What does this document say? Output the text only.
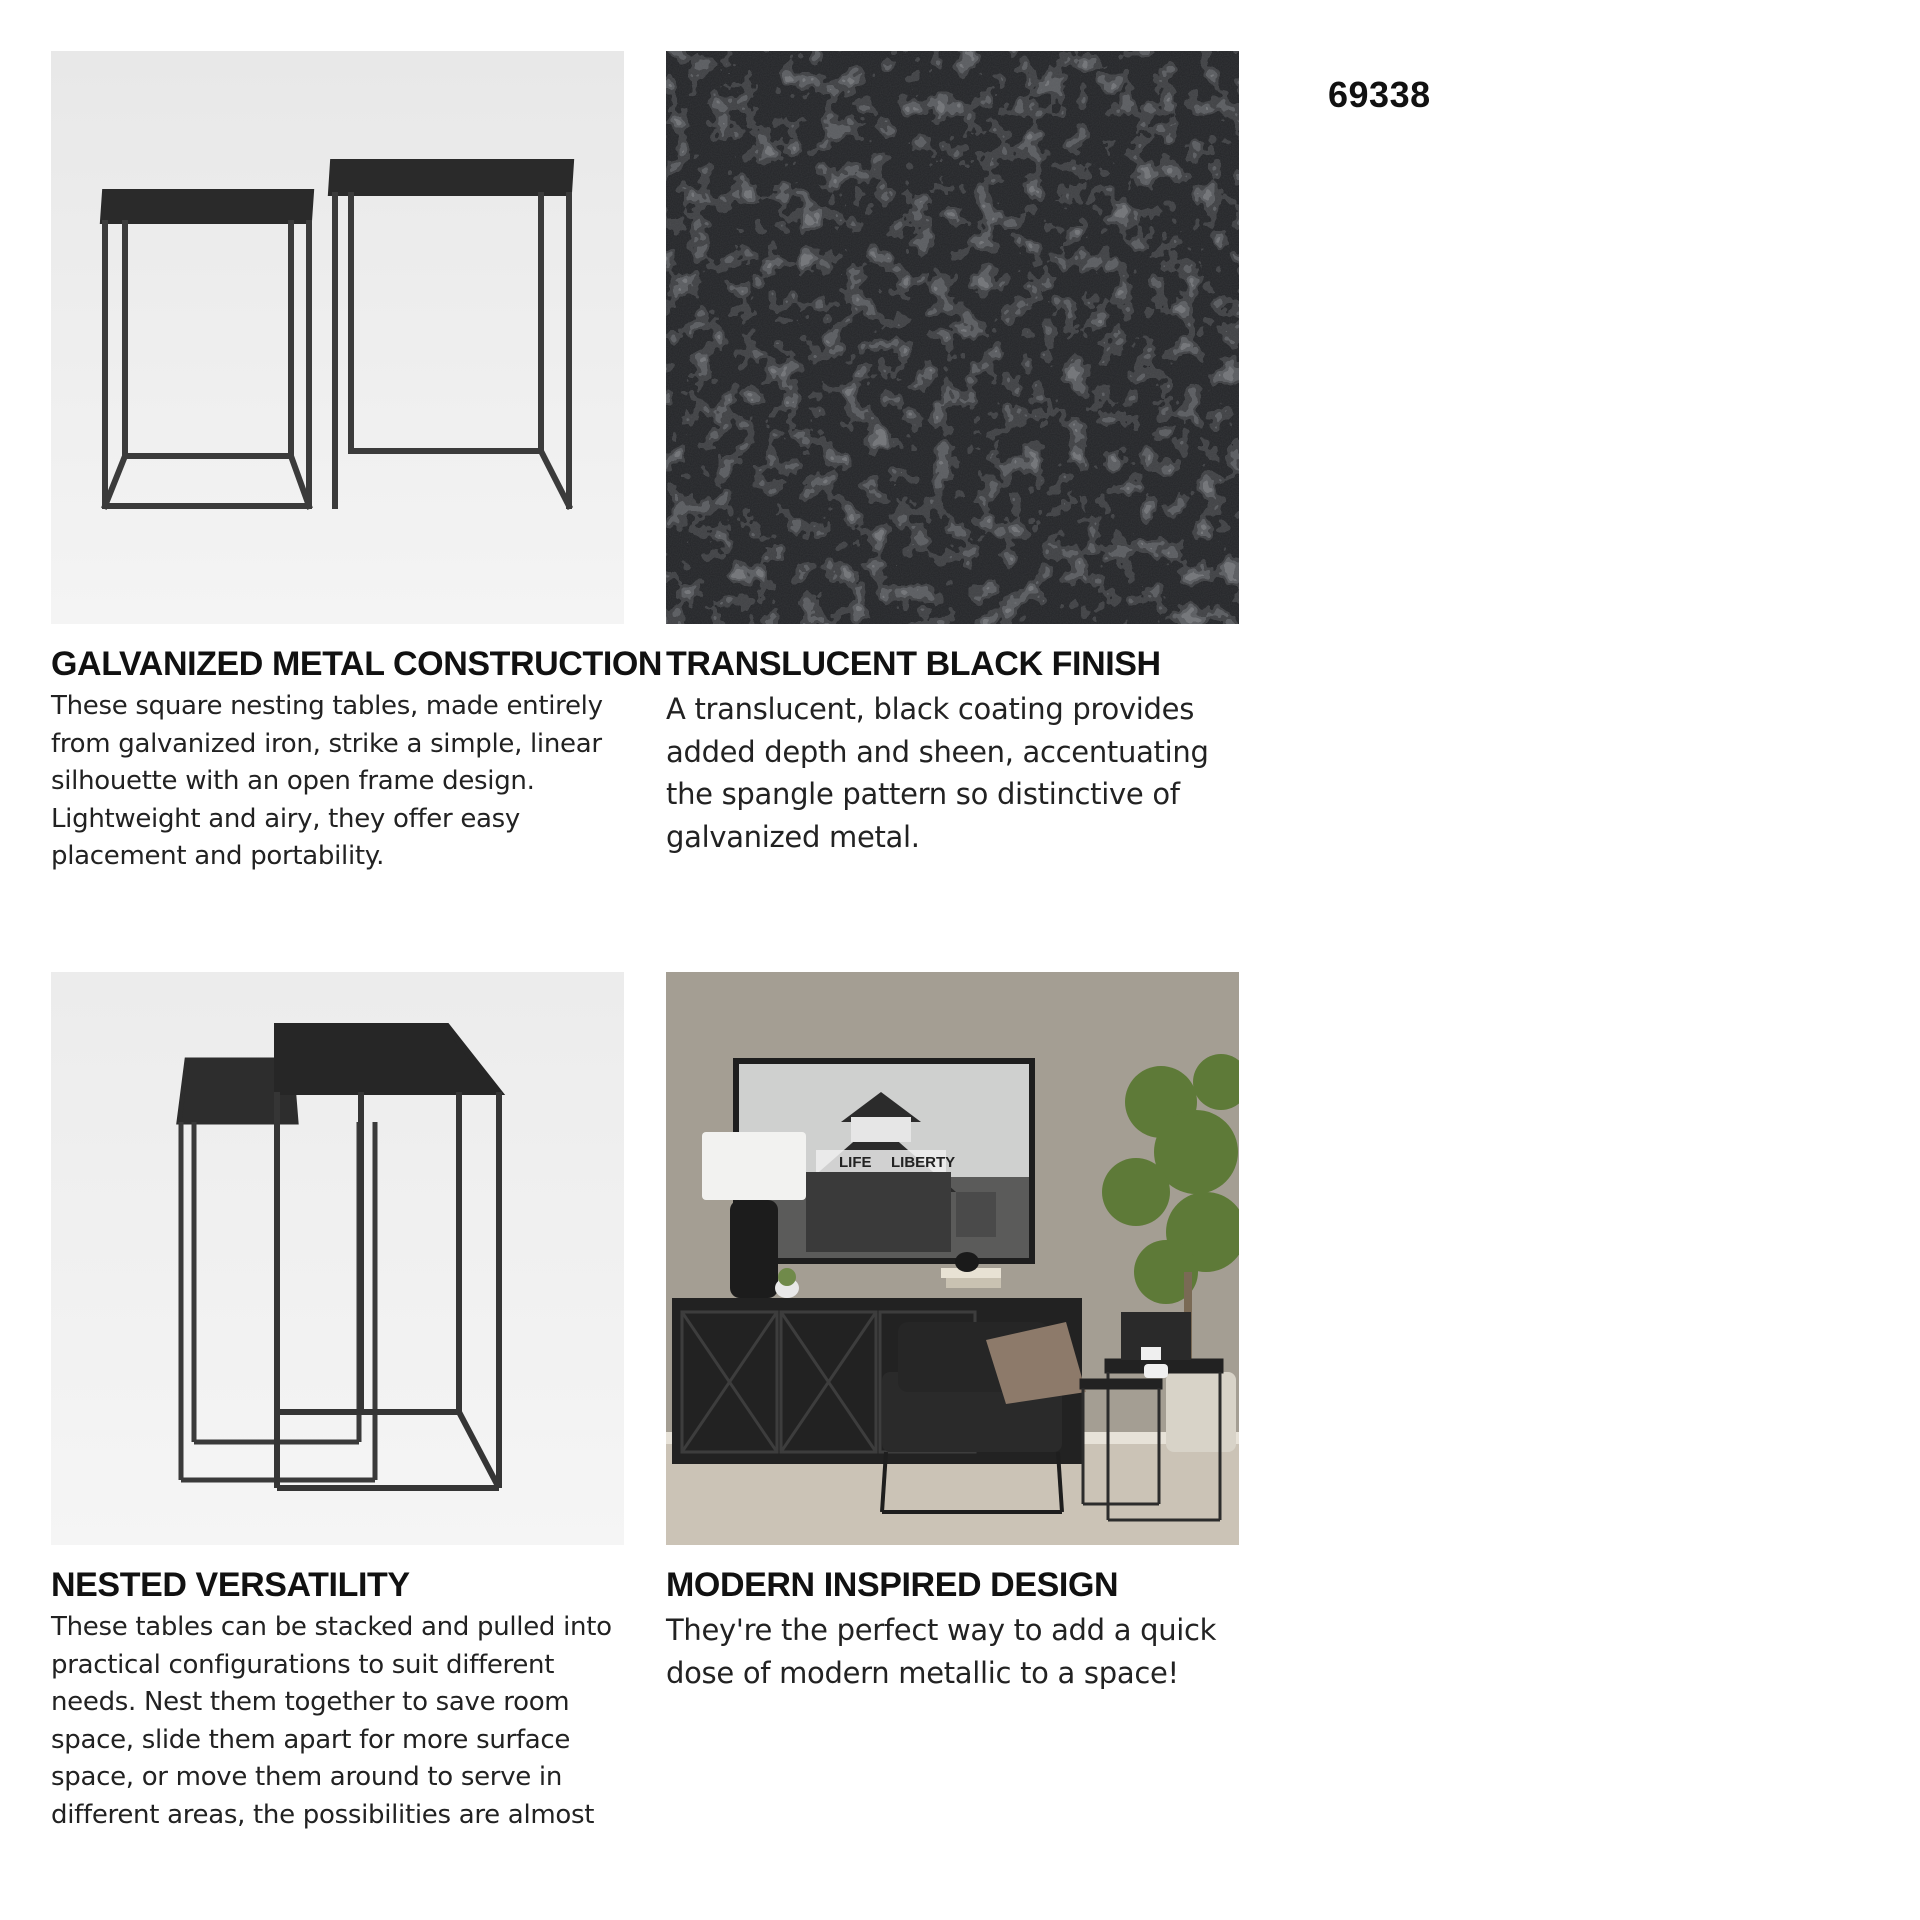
69338
GALVANIZED METAL CONSTRUCTION
These square nesting tables, made entirely
from galvanized iron, strike a simple, linear
silhouette with an open frame design.
Lightweight and airy, they offer easy
placement and portability.
TRANSLUCENT BLACK FINISH
A translucent, black coating provides
added depth and sheen, accentuating
the spangle pattern so distinctive of
galvanized metal.
NESTED VERSATILITY
These tables can be stacked and pulled into
practical configurations to suit different
needs. Nest them together to save room
space, slide them apart for more surface
space, or move them around to serve in
different areas, the possibilities are almost
LIFE LIBERTY
MODERN INSPIRED DESIGN
They're the perfect way to add a quick
dose of modern metallic to a space!
